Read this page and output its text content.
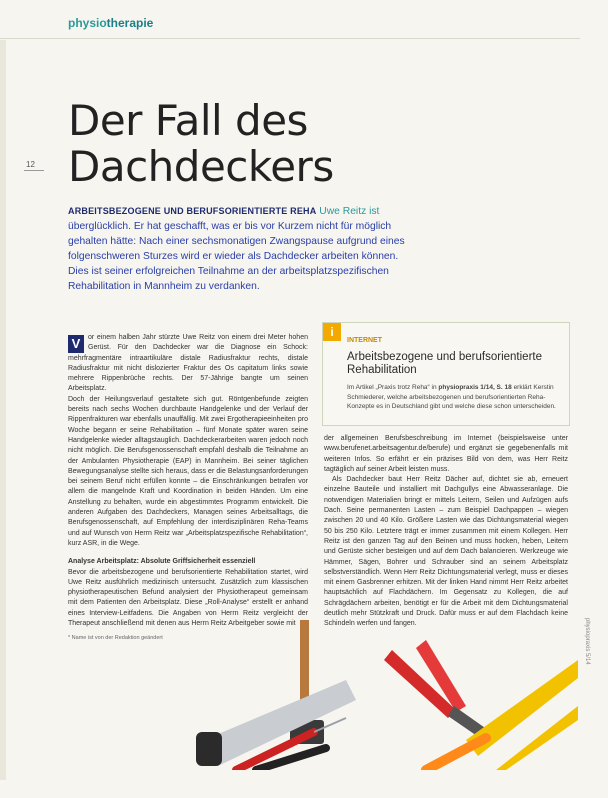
physiotherapie
12
Der Fall des
Dachdeckers
ARBEITSBEZOGENE UND BERUFSORIENTIERTE REHA Uwe Reitz ist überglücklich. Er hat geschafft, was er bis vor Kurzem nicht für möglich gehalten hätte: Nach einer sechsmonatigen Zwangspause aufgrund eines folgenschweren Sturzes wird er wieder als Dachdecker arbeiten können. Dies ist seiner erfolgreichen Teilnahme an der arbeitsplatzspezifischen Rehabilitation in Mannheim zu verdanken.
V	or einem halben Jahr stürzte Uwe Reitz von einem drei Meter hohen Gerüst. Für den Dachdecker war die Diagnose ein Schock: mehrfragmentäre intraartikuläre distale Radiusfraktur rechts, distale Radiusfraktur mit nicht dislozierter Fraktur des Os capitatum links sowie mehrere Rippenbrüche rechts. Der 57-Jährige bangte um seinen Arbeitsplatz.
Doch der Heilungsverlauf gestaltete sich gut. Röntgenbefunde zeigten bereits nach sechs Wochen durchbaute Handgelenke und der Verlauf der Rippenfrakturen war ebenfalls unauffällig. Mit zwei Ergotherapieeinheiten pro Woche begann er seine Rehabilitation – fünf Monate später waren seine Handgelenke wieder alltagstauglich. Dachdeckerarbeiten waren jedoch noch nicht möglich. Die Berufsgenossenschaft empfahl deshalb die Teilnahme an der Ambulanten Physiotherapie (EAP) in Mannheim. Bei seiner täglichen Bewegungsanalyse stellte sich heraus, dass er die Belastungsanforderungen bei seinem Beruf nicht erfüllen konnte – die Einschränkungen betrafen vor allem die mangelnde Kraft und Koordination in beiden Händen. Um eine Anstellung zu behalten, wurde ein abgestimmtes Programm entwickelt. Die anderen Aufgaben des Dachdeckers, Managen seines Arbeitsalltags, die Berufsgenossenschaft, auf Empfehlung der interdisziplinären Reha-Teams und auf Wunsch von Herrn Reitz war „Arbeitsplatzspezifische Rehabilitation“, kurz ASR, in die Wege.
Analyse Arbeitsplatz: Absolute Griffsicherheit essenziell
Bevor die arbeitsbezogene und berufsorientierte Rehabilitation startet, wird Uwe Reitz ausführlich medizinisch untersucht. Zusätzlich zum klassischen physiotherapeutischen Befund analysiert der Physiotherapeut gemeinsam mit dem Patienten den Arbeitsplatz. Diese „Roll-Analyse“ erstellt er anhand eines Interview-Leitfadens. Die Angaben von Herrn Reitz vergleicht der Therapeut anschließend mit denen aus Herrn Reitz Arbeitgeber sowie mit
* Name ist von der Redaktion geändert
i
INTERNET
Arbeitsbezogene und berufsorientierte Rehabilitation
Im Artikel „Praxis trotz Reha“ in physiopraxis 1/14, S. 18 erklärt Kerstin Schmiederer, welche arbeitsbezogenen und berufsorientierten Reha-Konzepte es in Deutschland gibt und welche diese schon unterscheiden.
der allgemeinen Berufsbeschreibung im Internet (beispielsweise unter www.berufenet.arbeitsagentur.de/berufe) und ergänzt sie gegebenenfalls mit weiteren Infos. So erfährt er ein präzises Bild von dem, was Herr Reitz tagtäglich auf seiner Arbeit leisten muss.
Als Dachdecker baut Herr Reitz Dächer auf, dichtet sie ab, erneuert einzelne Bauteile und installiert mit Dachgullys eine Abwasseranlage. Die notwendigen Materialien bringt er mittels Leitern, Seilen und Aufzügen aufs Dach. Seine permanenten Lasten – zum Beispiel Dachpappen – wiegen zwischen 20 und 40 Kilo. Größere Lasten wie das Dichtungsmaterial wiegen 50 bis 250 Kilo. Letztere trägt er immer zusammen mit einem Kollegen. Herr Reitz ist den ganzen Tag auf den Beinen und muss hocken, heben, Leitern und Gerüste sicher besteigen und auf dem Dach balancieren. Werkzeuge wie Hämmer, Sägen, Bohrer und Schrauber sind an seinem Arbeitsplatz selbstverständlich. Wenn Herr Reitz Dichtungsmaterial verlegt, muss er dieses mit einem Gasbrenner erhitzen. Mit der linken Hand nimmt Herr Reitz arbeitet hauptsächlich auf Flachdächern. Im Gegensatz zu Kollegen, die auf Schrägdächern arbeiten, benötigt er für die Arbeit mit dem Dichtungsmaterial deutlich mehr Stützkraft und Druck. Dafür muss er auf dem Flachdach keine Schindeln werfen und fangen.	physiopraxis 5/14
